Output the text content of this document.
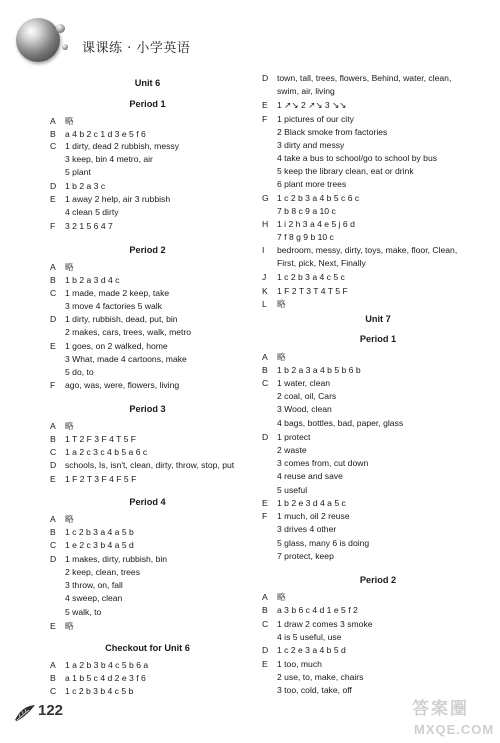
课课练 · 小学英语
Unit 6
Period 1
A 略
B a 4 b 2 c 1 d 3 e 5 f 6
C 1 dirty, dead 2 rubbish, messy
3 keep, bin 4 metro, air
5 plant
D 1 b 2 a 3 c
E 1 away 2 help, air 3 rubbish
4 clean 5 dirty
F 3 2 1 5 6 4 7
Period 2
A 略
B 1 b 2 a 3 d 4 c
C 1 made, made 2 keep, take
3 move 4 factories 5 walk
D 1 dirty, rubbish, dead, put, bin
2 makes, cars, trees, walk, metro
E 1 goes, on 2 walked, home
3 What, made 4 cartoons, make
5 do, to
F ago, was, were, flowers, living
Period 3
A 略
B 1 T 2 F 3 F 4 T 5 F
C 1 a 2 c 3 c 4 b 5 a 6 c
D schools, Is, isn't, clean, dirty, throw, stop, put
E 1 F 2 T 3 F 4 F 5 F
Period 4
A 略
B 1 c 2 b 3 a 4 a 5 b
C 1 e 2 c 3 b 4 a 5 d
D 1 makes, dirty, rubbish, bin
2 keep, clean, trees
3 throw, on, fall
4 sweep, clean
5 walk, to
E 略
Checkout for Unit 6
A 1 a 2 b 3 b 4 c 5 b 6 a
B a 1 b 5 c 4 d 2 e 3 f 6
C 1 c 2 b 3 b 4 c 5 b
D town, tall, trees, flowers, Behind, water, clean,
swim, air, living
E 1 ↗↘ 2 ↗↘ 3 ↘↘
F 1 pictures of our city
2 Black smoke from factories
3 dirty and messy
4 take a bus to school/go to school by bus
5 keep the library clean, eat or drink
6 plant more trees
G 1 c 2 b 3 a 4 b 5 c 6 c
7 b 8 c 9 a 10 c
H 1 i 2 h 3 a 4 e 5 j 6 d
7 f 8 g 9 b 10 c
I bedroom, messy, dirty, toys, make, floor, Clean,
First, pick, Next, Finally
J 1 c 2 b 3 a 4 c 5 c
K 1 F 2 T 3 T 4 T 5 F
L 略
Unit 7
Period 1
A 略
B 1 b 2 a 3 a 4 b 5 b 6 b
C 1 water, clean
2 coal, oil, Cars
3 Wood, clean
4 bags, bottles, bad, paper, glass
D 1 protect
2 waste
3 comes from, cut down
4 reuse and save
5 useful
E 1 b 2 e 3 d 4 a 5 c
F 1 much, oil 2 reuse
3 drives 4 other
5 glass, many 6 is doing
7 protect, keep
Period 2
A 略
B a 3 b 6 c 4 d 1 e 5 f 2
C 1 draw 2 comes 3 smoke
4 is 5 useful, use
D 1 c 2 e 3 a 4 b 5 d
E 1 too, much
2 use, to, make, chairs
3 too, cold, take, off
122	答案圈
MXQE.COM
